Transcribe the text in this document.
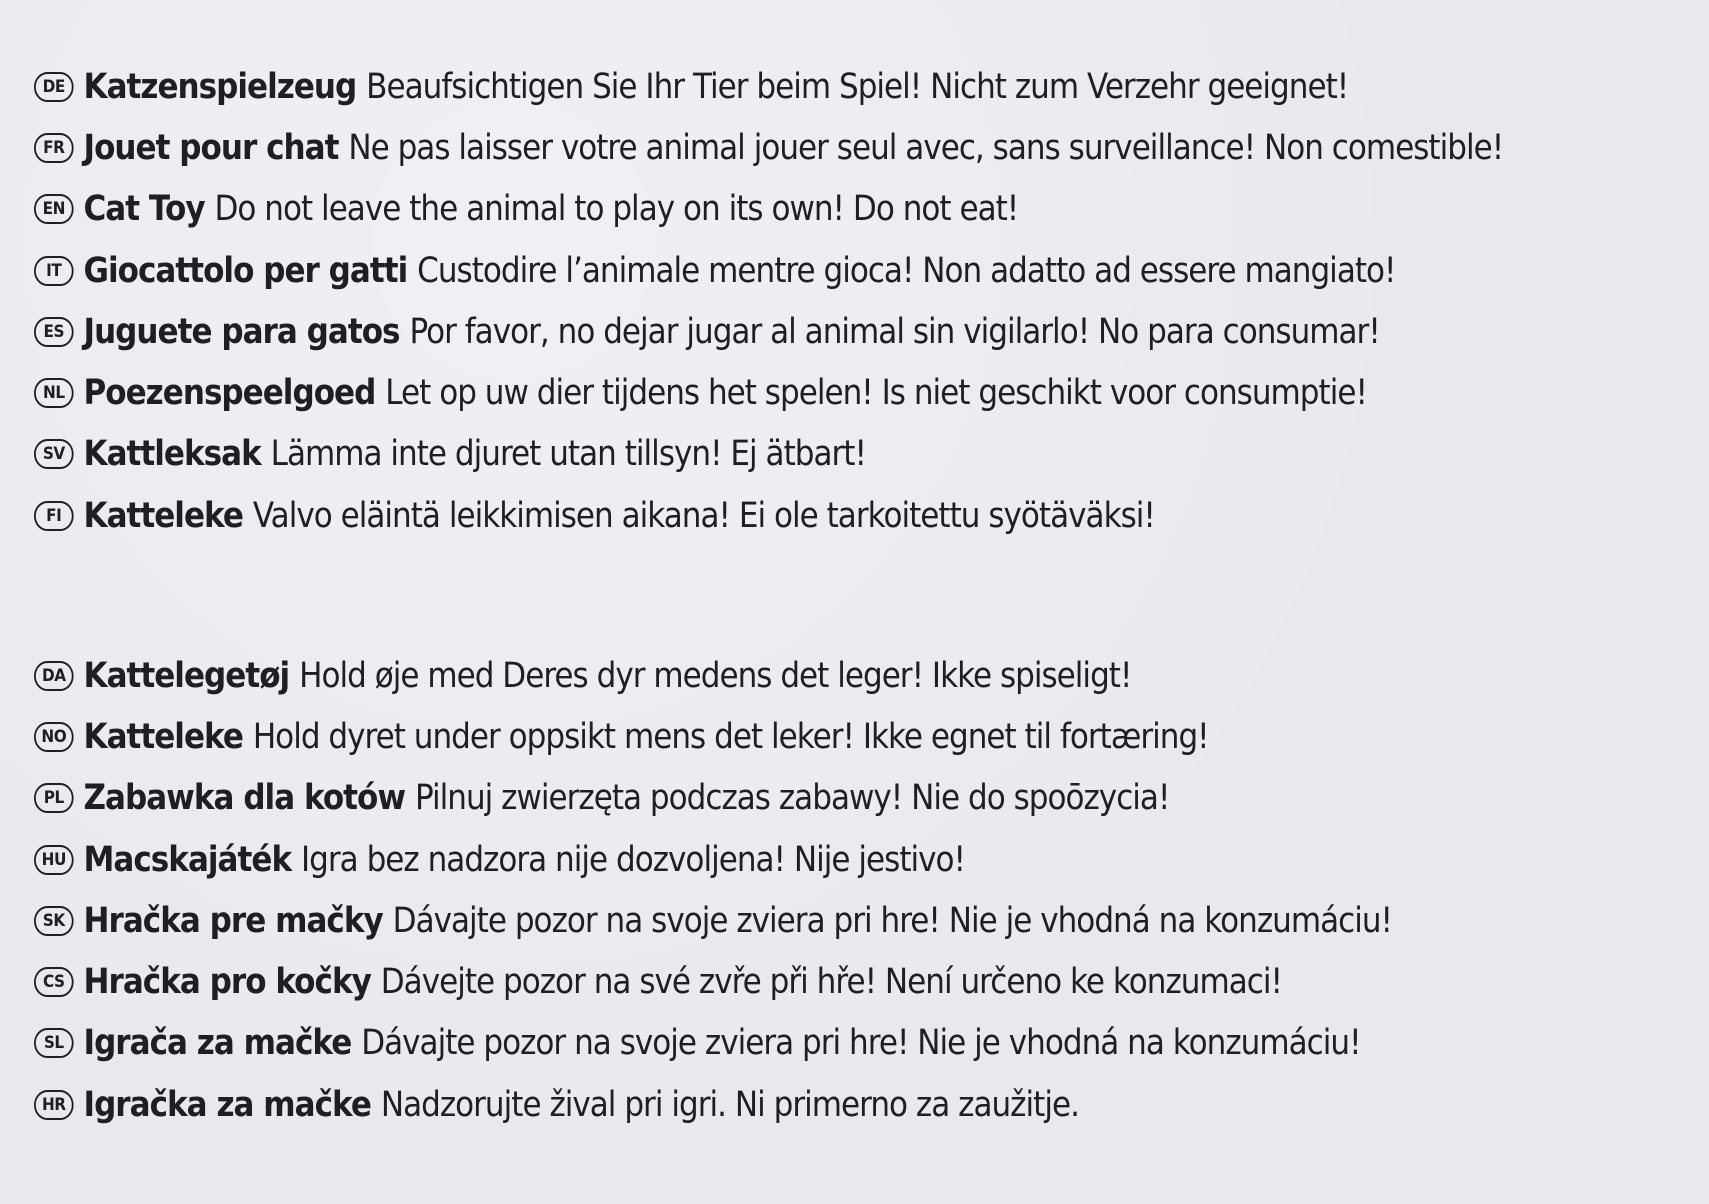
DE Katzenspielzeug Beaufsichtigen Sie Ihr Tier beim Spiel! Nicht zum Verzehr geeignet!
FR Jouet pour chat Ne pas laisser votre animal jouer seul avec, sans surveillance! Non comestible!
EN Cat Toy Do not leave the animal to play on its own! Do not eat!
IT Giocattolo per gatti Custodire l’animale mentre gioca! Non adatto ad essere mangiato!
ES Juguete para gatos Por favor, no dejar jugar al animal sin vigilarlo! No para consumar!
NL Poezenspeelgoed Let op uw dier tijdens het spelen! Is niet geschikt voor consumptie!
SV Kattleksak Lämma inte djuret utan tillsyn! Ej ätbart!
FI Katteleke Valvo eläintä leikkimisen aikana! Ei ole tarkoitettu syötäväksi!
DA Kattelegetøj Hold øje med Deres dyr medens det leger! Ikke spiseligt!
NO Katteleke Hold dyret under oppsikt mens det leker! Ikke egnet til fortæring!
PL Zabawka dla kotów Pilnuj zwierzęta podczas zabawy! Nie do spoōzycia!
HU Macskajáték Igra bez nadzora nije dozvoljena! Nije jestivo!
SK Hračka pre mačky Dávajte pozor na svoje zviera pri hre! Nie je vhodná na konzumáciu!
CS Hračka pro kočky Dávejte pozor na své zvře při hře! Není určeno ke konzumaci!
SL Igrača za mačke Dávajte pozor na svoje zviera pri hre! Nie je vhodná na konzumáciu!
HR Igračka za mačke Nadzorujte žival pri igri. Ni primerno za zaužitje.
